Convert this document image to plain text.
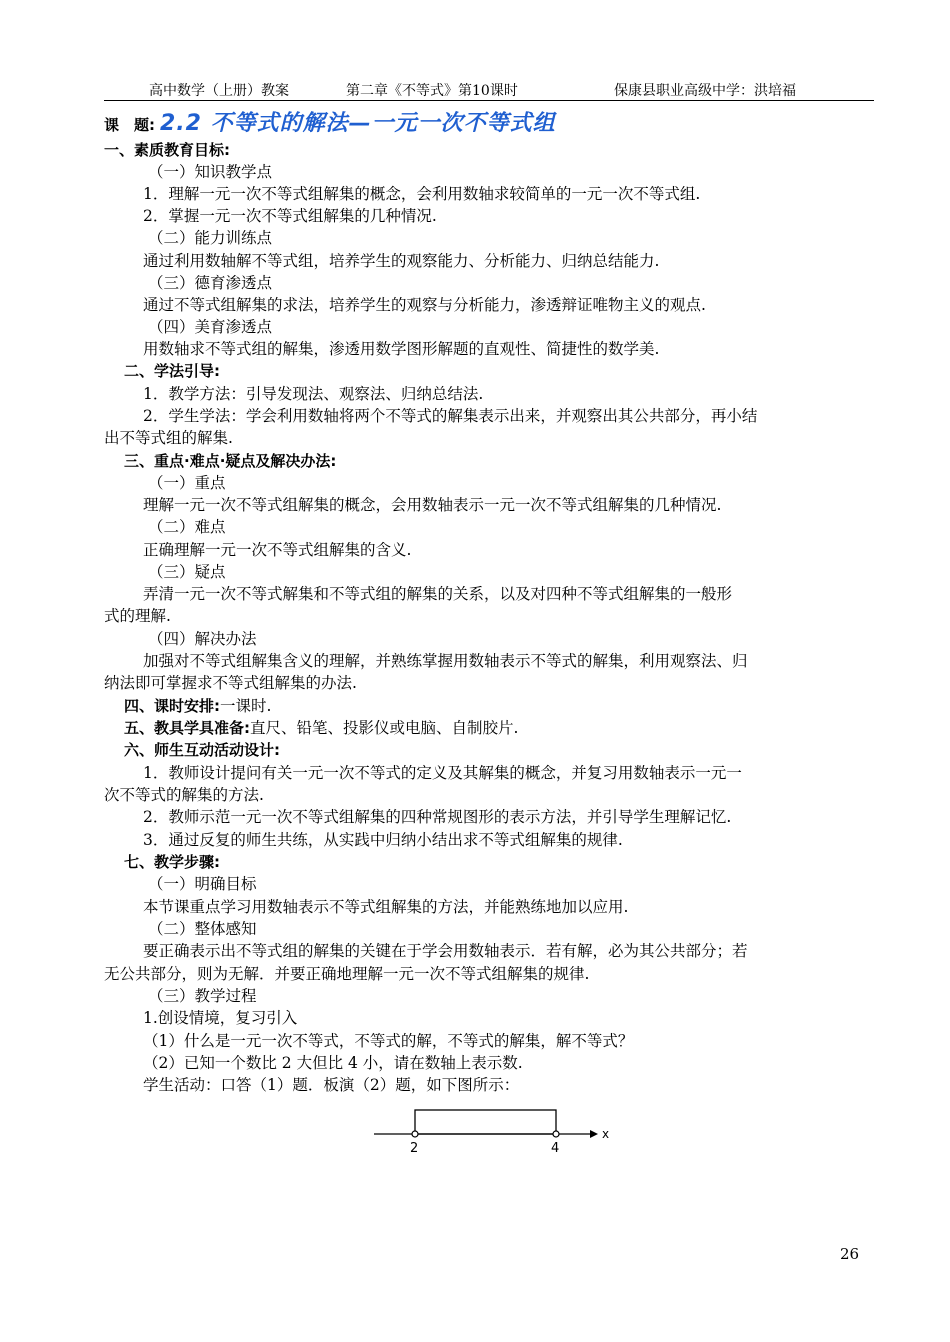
高中数学（上册）教案	第二章《不等式》第10课时	保康县职业高级中学：洪培福
课　题: 2.2 不等式的解法—一元一次不等式组
一、素质教育目标:
（一）知识教学点
1．理解一元一次不等式组解集的概念，会利用数轴求较简单的一元一次不等式组.
2．掌握一元一次不等式组解集的几种情况.
（二）能力训练点
通过利用数轴解不等式组，培养学生的观察能力、分析能力、归纳总结能力.
（三）德育渗透点
通过不等式组解集的求法，培养学生的观察与分析能力，渗透辩证唯物主义的观点.
（四）美育渗透点
用数轴求不等式组的解集，渗透用数学图形解题的直观性、简捷性的数学美.
二、学法引导:
1．教学方法：引导发现法、观察法、归纳总结法.
2．学生学法：学会利用数轴将两个不等式的解集表示出来，并观察出其公共部分，再小结
出不等式组的解集.
三、重点·难点·疑点及解决办法:
（一）重点
理解一元一次不等式组解集的概念，会用数轴表示一元一次不等式组解集的几种情况.
（二）难点
正确理解一元一次不等式组解集的含义.
（三）疑点
弄清一元一次不等式解集和不等式组的解集的关系，以及对四种不等式组解集的一般形
式的理解.
（四）解决办法
加强对不等式组解集含义的理解，并熟练掌握用数轴表示不等式的解集，利用观察法、归
纳法即可掌握求不等式组解集的办法.
四、课时安排:一课时.
五、教具学具准备:直尺、铅笔、投影仪或电脑、自制胶片.
六、师生互动活动设计:
1．教师设计提问有关一元一次不等式的定义及其解集的概念，并复习用数轴表示一元一
次不等式的解集的方法.
2．教师示范一元一次不等式组解集的四种常规图形的表示方法，并引导学生理解记忆.
3．通过反复的师生共练，从实践中归纳小结出求不等式组解集的规律.
七、教学步骤:
（一）明确目标
本节课重点学习用数轴表示不等式组解集的方法，并能熟练地加以应用.
（二）整体感知
要正确表示出不等式组的解集的关键在于学会用数轴表示．若有解，必为其公共部分；若
无公共部分，则为无解．并要正确地理解一元一次不等式组解集的规律.
（三）教学过程
1.创设情境，复习引入
（1）什么是一元一次不等式，不等式的解，不等式的解集，解不等式？
（2）已知一个数比 2 大但比 4 小，请在数轴上表示数.
学生活动：口答（1）题．板演（2）题，如下图所示：
2	4
x
26
